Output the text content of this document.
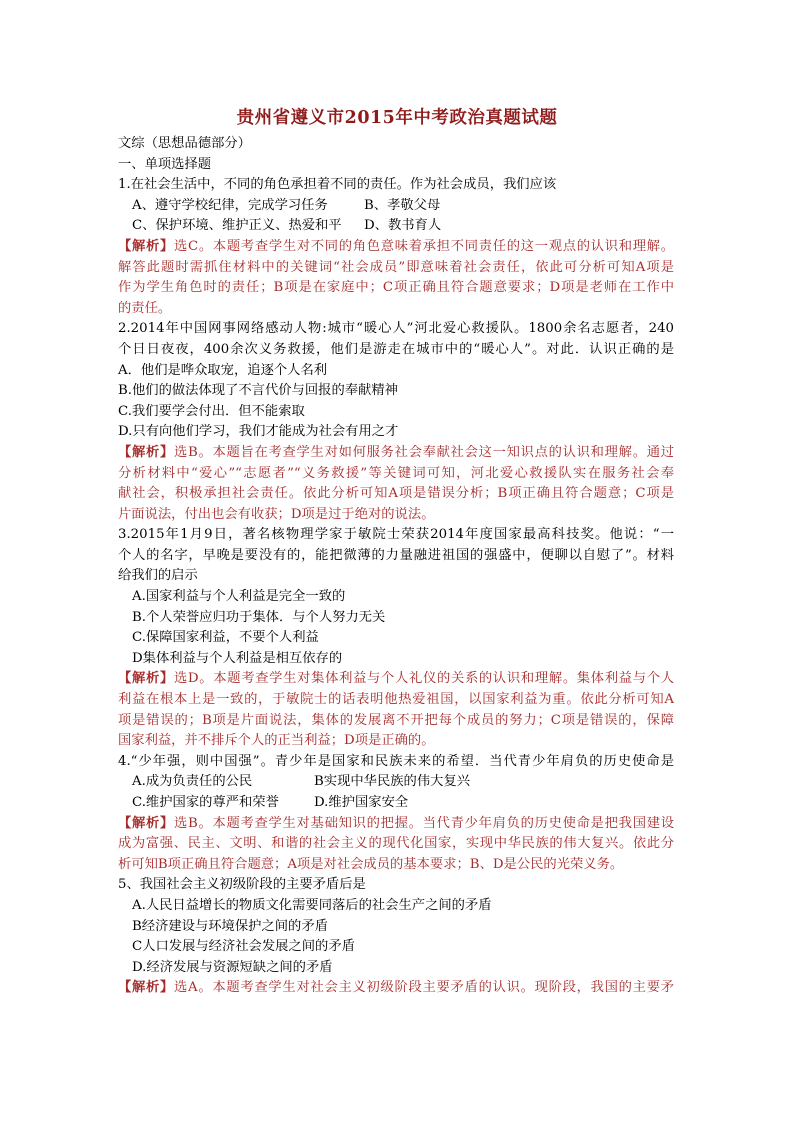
贵州省遵义市2015年中考政治真题试题
文综（思想品德部分）
一、单项选择题
1.在社会生活中，不同的角色承担着不同的责任。作为社会成员，我们应该
A、遵守学校纪律，完成学习任务	B、孝敬父母
C、保护环境、维护正义、热爱和平 D、教书育人
【解析】选C。本题考查学生对不同的角色意味着承担不同责任的这一观点的认识和理解。
解答此题时需抓住材料中的关键词“社会成员”即意味着社会责任，依此可分析可知A项是
作为学生角色时的责任；B项是在家庭中；C项正确且符合题意要求；D项是老师在工作中
的责任。
2.2014年中国网事网络感动人物:城市“暖心人”河北爱心救援队。1800余名志愿者，240
个日日夜夜，400余次义务救援，他们是游走在城市中的“暖心人”。对此．认识正确的是
A．他们是哗众取宠，追逐个人名利
B.他们的做法体现了不言代价与回报的奉献精神
C.我们要学会付出．但不能索取
D.只有向他们学习，我们才能成为社会有用之才
【解析】选B。本题旨在考查学生对如何服务社会奉献社会这一知识点的认识和理解。通过
分析材料中“爱心”“志愿者”“义务救援”等关键词可知，河北爱心救援队实在服务社会奉
献社会，积极承担社会责任。依此分析可知A项是错误分析；B项正确且符合题意；C项是
片面说法，付出也会有收获；D项是过于绝对的说法。
3.2015年1月9日，著名核物理学家于敏院士荣获2014年度国家最高科技奖。他说：“一
个人的名字，早晚是要没有的，能把微薄的力量融进祖国的强盛中，便聊以自慰了”。材料
给我们的启示
A.国家利益与个人利益是完全一致的
B.个人荣誉应归功于集体．与个人努力无关
C.保障国家利益，不要个人利益
D集体利益与个人利益是相互依存的
【解析】选D。本题考查学生对集体利益与个人礼仪的关系的认识和理解。集体利益与个人
利益在根本上是一致的，于敏院士的话表明他热爱祖国，以国家利益为重。依此分析可知A
项是错误的；B项是片面说法，集体的发展离不开把每个成员的努力；C项是错误的，保障
国家利益，并不排斥个人的正当利益；D项是正确的。
4.“少年强，则中国强”。青少年是国家和民族未来的希望．当代青少年肩负的历史使命是
A.成为负责任的公民	B实现中华民族的伟大复兴
C.维护国家的尊严和荣誉	D.维护国家安全
【解析】选B。本题考查学生对基础知识的把握。当代青少年肩负的历史使命是把我国建设
成为富强、民主、文明、和谐的社会主义的现代化国家，实现中华民族的伟大复兴。依此分
析可知B项正确且符合题意；A项是对社会成员的基本要求；B、D是公民的光荣义务。
5、我国社会主义初级阶段的主要矛盾后是
A.人民日益增长的物质文化需要同落后的社会生产之间的矛盾
B经济建设与环境保护之间的矛盾
C人口发展与经济社会发展之间的矛盾
D.经济发展与资源短缺之间的矛盾
【解析】选A。本题考查学生对社会主义初级阶段主要矛盾的认识。现阶段，我国的主要矛
